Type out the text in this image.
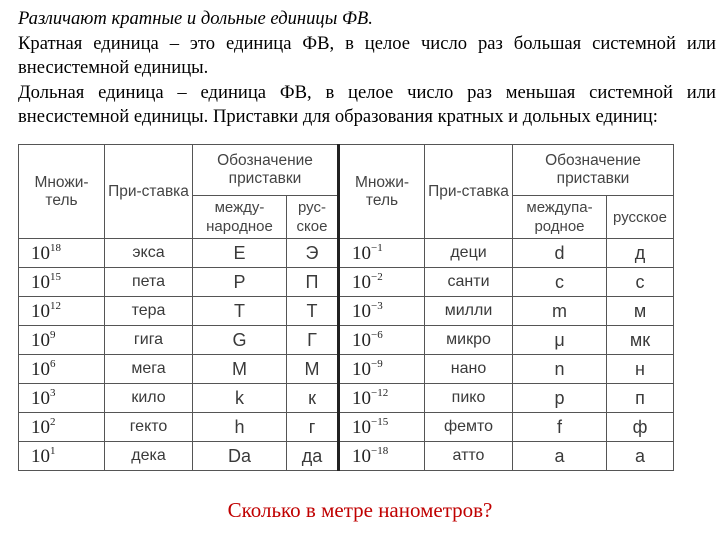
Различают кратные и дольные единицы ФВ.

Кратная единица – это единица ФВ, в целое число раз большая системной или внесистемной единицы.

Дольная единица – единица ФВ, в целое число раз меньшая системной или внесистемной единицы. Приставки для образования кратных и дольных единиц:

Множи-тель	При-ставка	Обозначение приставки		Множи-тель	При-ставка	Обозначение приставки	
		между-народное	рус-ское			междупа-родное	русское
$10^{18}$	экса	E	Э	$10^{-1}$	деци	d	д
$10^{15}$	пета	P	П	$10^{-2}$	санти	c	с
$10^{12}$	тера	T	Т	$10^{-3}$	милли	m	м
$10^9$	гига	G	Г	$10^{-6}$	микро	μ	мк
$10^6$	мега	M	М	$10^{-9}$	нано	n	н
$10^3$	кило	k	к	$10^{-12}$	пико	p	п
$10^2$	гекто	h	г	$10^{-15}$	фемто	f	ф
$10^1$	дека	Da	да	$10^{-18}$	атто	a	а
Сколько в метре нанометров?
